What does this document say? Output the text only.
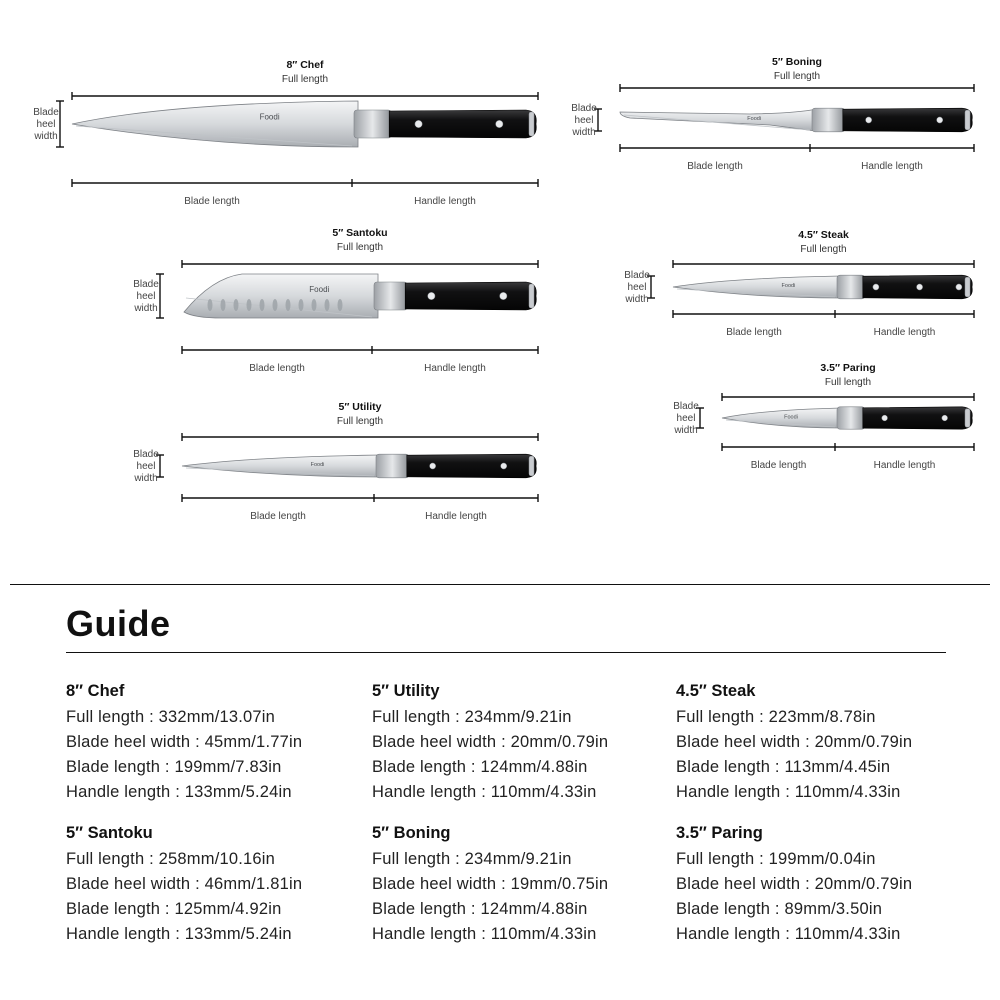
Foodi
8″ Chef
Full length
Blade length	Handle length
Blade
heel
width
Foodi
5″ Santoku
Full length
Blade length	Handle length
Blade
heel
width
Foodi
5″ Utility
Full length
Blade length	Handle length
Blade
heel
width
Foodi
5″ Boning
Full length
Blade length	Handle length
Blade
heel
width
Foodi
4.5″ Steak
Full length
Blade length	Handle length
Blade
heel
width
Foodi
3.5″ Paring
Full length
Blade length	Handle length
Blade
heel
width
Guide
8″ Chef
Full length : 332mm/13.07in
Blade heel width : 45mm/1.77in
Blade length : 199mm/7.83in
Handle length : 133mm/5.24in
5″ Utility
Full length : 234mm/9.21in
Blade heel width : 20mm/0.79in
Blade length : 124mm/4.88in
Handle length : 110mm/4.33in
4.5″ Steak
Full length : 223mm/8.78in
Blade heel width : 20mm/0.79in
Blade length : 113mm/4.45in
Handle length : 110mm/4.33in
5″ Santoku
Full length : 258mm/10.16in
Blade heel width : 46mm/1.81in
Blade length : 125mm/4.92in
Handle length : 133mm/5.24in
5″ Boning
Full length : 234mm/9.21in
Blade heel width : 19mm/0.75in
Blade length : 124mm/4.88in
Handle length : 110mm/4.33in
3.5″ Paring
Full length : 199mm/0.04in
Blade heel width : 20mm/0.79in
Blade length : 89mm/3.50in
Handle length : 110mm/4.33in
